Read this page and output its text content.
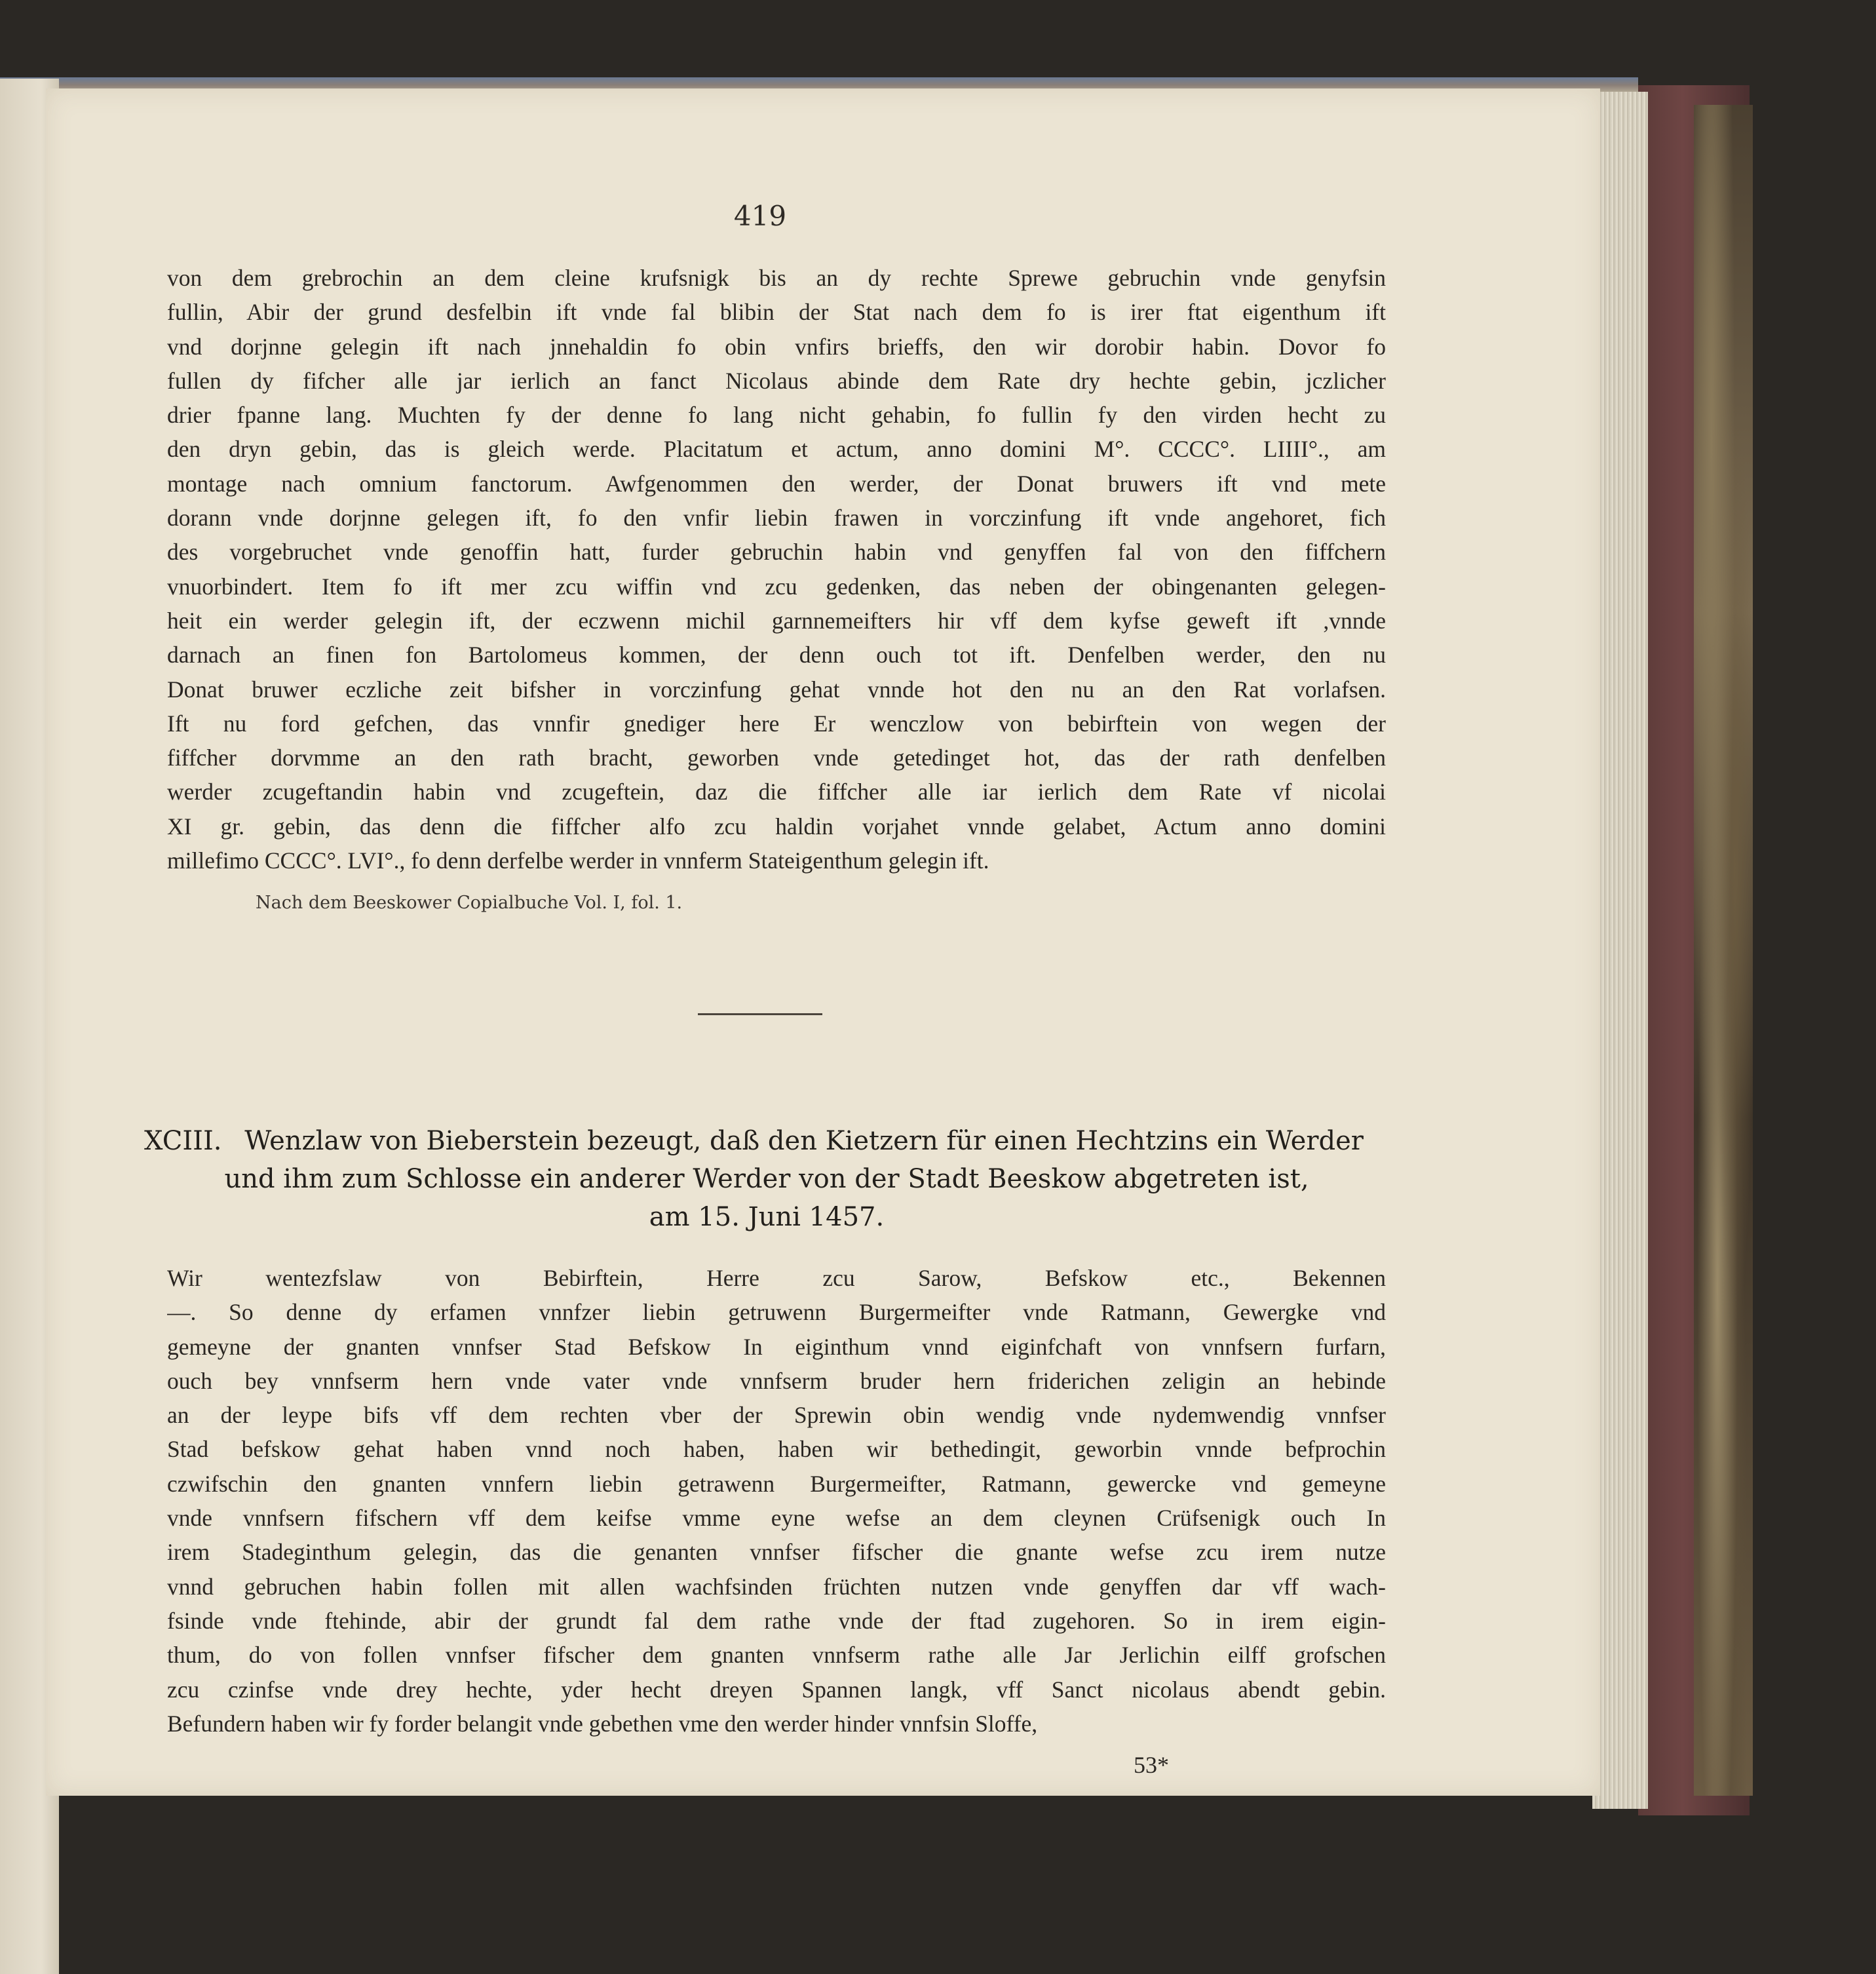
419
von dem grebrochin an dem cleine krufsnigk bis an dy rechte Sprewe gebruchin vnde genyfsin
fullin, Abir der grund desfelbin ift vnde fal blibin der Stat nach dem fo is irer ftat eigenthum ift
vnd dorjnne gelegin ift nach jnnehaldin fo obin vnfirs brieffs, den wir dorobir habin. Dovor fo
fullen dy fifcher alle jar ierlich an fanct Nicolaus abinde dem Rate dry hechte gebin, jczlicher
drier fpanne lang. Muchten fy der denne fo lang nicht gehabin, fo fullin fy den virden hecht zu
den dryn gebin, das is gleich werde. Placitatum et actum, anno domini M°. CCCC°. LIIII°., am
montage nach omnium fanctorum. Awfgenommen den werder, der Donat bruwers ift vnd mete
dorann vnde dorjnne gelegen ift, fo den vnfir liebin frawen in vorczinfung ift vnde angehoret, fich
des vorgebruchet vnde genoffin hatt, furder gebruchin habin vnd genyffen fal von den fiffchern
vnuorbindert. Item fo ift mer zcu wiffin vnd zcu gedenken, das neben der obingenanten gelegen-
heit ein werder gelegin ift, der eczwenn michil garnnemeifters hir vff dem kyfse geweft ift ,vnnde
darnach an finen fon Bartolomeus kommen, der denn ouch tot ift. Denfelben werder, den nu
Donat bruwer eczliche zeit bifsher in vorczinfung gehat vnnde hot den nu an den Rat vorlafsen.
Ift nu ford gefchen, das vnnfir gnediger here Er wenczlow von bebirftein von wegen der
fiffcher dorvmme an den rath bracht, geworben vnde getedinget hot, das der rath denfelben
werder zcugeftandin habin vnd zcugeftein, daz die fiffcher alle iar ierlich dem Rate vf nicolai
XI gr. gebin, das denn die fiffcher alfo zcu haldin vorjahet vnnde gelabet, Actum anno domini
millefimo CCCC°. LVI°., fo denn derfelbe werder in vnnferm Stateigenthum gelegin ift.
Nach dem Beeskower Copialbuche Vol. I, fol. 1.
XCIII. Wenzlaw von Bieberstein bezeugt, daß den Kietzern für einen Hechtzins ein Werder
und ihm zum Schlosse ein anderer Werder von der Stadt Beeskow abgetreten ist,
am 15. Juni 1457.
Wir wentezfslaw von Bebirftein, Herre zcu Sarow, Befskow etc., Bekennen
—. So denne dy erfamen vnnfzer liebin getruwenn Burgermeifter vnde Ratmann, Gewergke vnd
gemeyne der gnanten vnnfser Stad Befskow In eiginthum vnnd eiginfchaft von vnnfsern furfarn,
ouch bey vnnfserm hern vnde vater vnde vnnfserm bruder hern friderichen zeligin an hebinde
an der leype bifs vff dem rechten vber der Sprewin obin wendig vnde nydemwendig vnnfser
Stad befskow gehat haben vnnd noch haben, haben wir bethedingit, geworbin vnnde befprochin
czwifschin den gnanten vnnfern liebin getrawenn Burgermeifter, Ratmann, gewercke vnd gemeyne
vnde vnnfsern fifschern vff dem keifse vmme eyne wefse an dem cleynen Crüfsenigk ouch In
irem Stadeginthum gelegin, das die genanten vnnfser fifscher die gnante wefse zcu irem nutze
vnnd gebruchen habin follen mit allen wachfsinden früchten nutzen vnde genyffen dar vff wach-
fsinde vnde ftehinde, abir der grundt fal dem rathe vnde der ftad zugehoren. So in irem eigin-
thum, do von follen vnnfser fifscher dem gnanten vnnfserm rathe alle Jar Jerlichin eilff grofschen
zcu czinfse vnde drey hechte, yder hecht dreyen Spannen langk, vff Sanct nicolaus abendt gebin.
Befundern haben wir fy forder belangit vnde gebethen vme den werder hinder vnnfsin Sloffe,
53*
